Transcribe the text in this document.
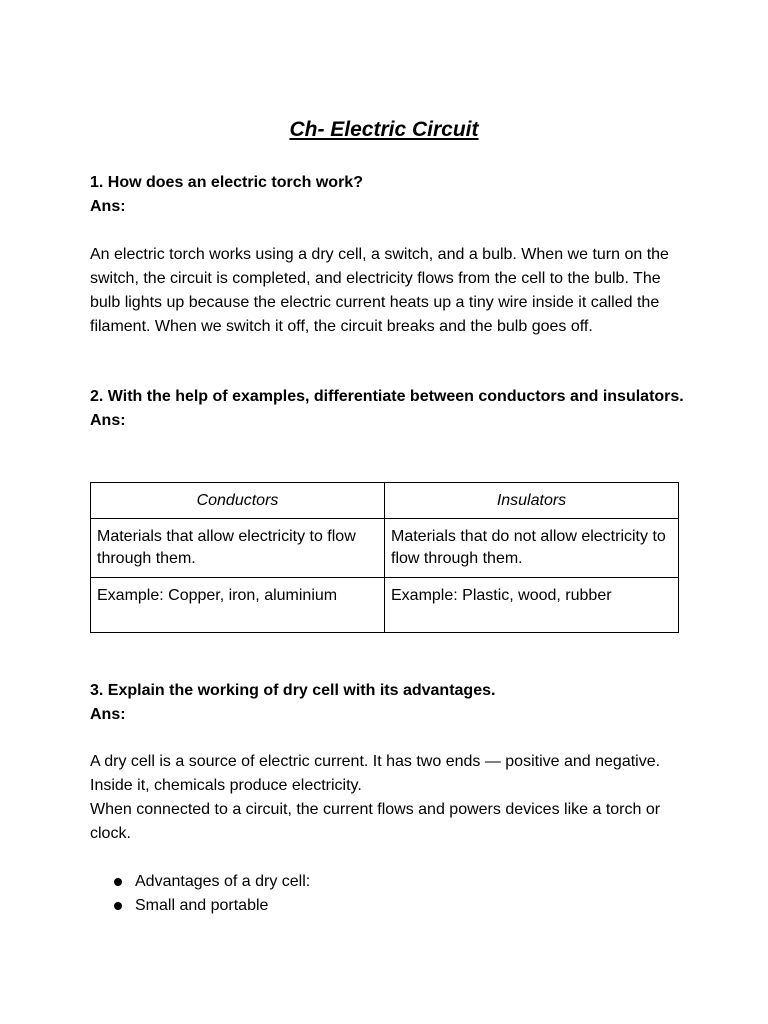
Ch- Electric Circuit
1. How does an electric torch work?
Ans:
An electric torch works using a dry cell, a switch, and a bulb. When we turn on the switch, the circuit is completed, and electricity flows from the cell to the bulb. The bulb lights up because the electric current heats up a tiny wire inside it called the filament. When we switch it off, the circuit breaks and the bulb goes off.
2. With the help of examples, differentiate between conductors and insulators.
Ans:
Conductors	Insulators
Materials that allow electricity to flow through them.	Materials that do not allow electricity to flow through them.
Example: Copper, iron, aluminium	Example: Plastic, wood, rubber
3. Explain the working of dry cell with its advantages.
Ans:
A dry cell is a source of electric current. It has two ends — positive and negative. Inside it, chemicals produce electricity.
When connected to a circuit, the current flows and powers devices like a torch or clock.
Advantages of a dry cell:
Small and portable
